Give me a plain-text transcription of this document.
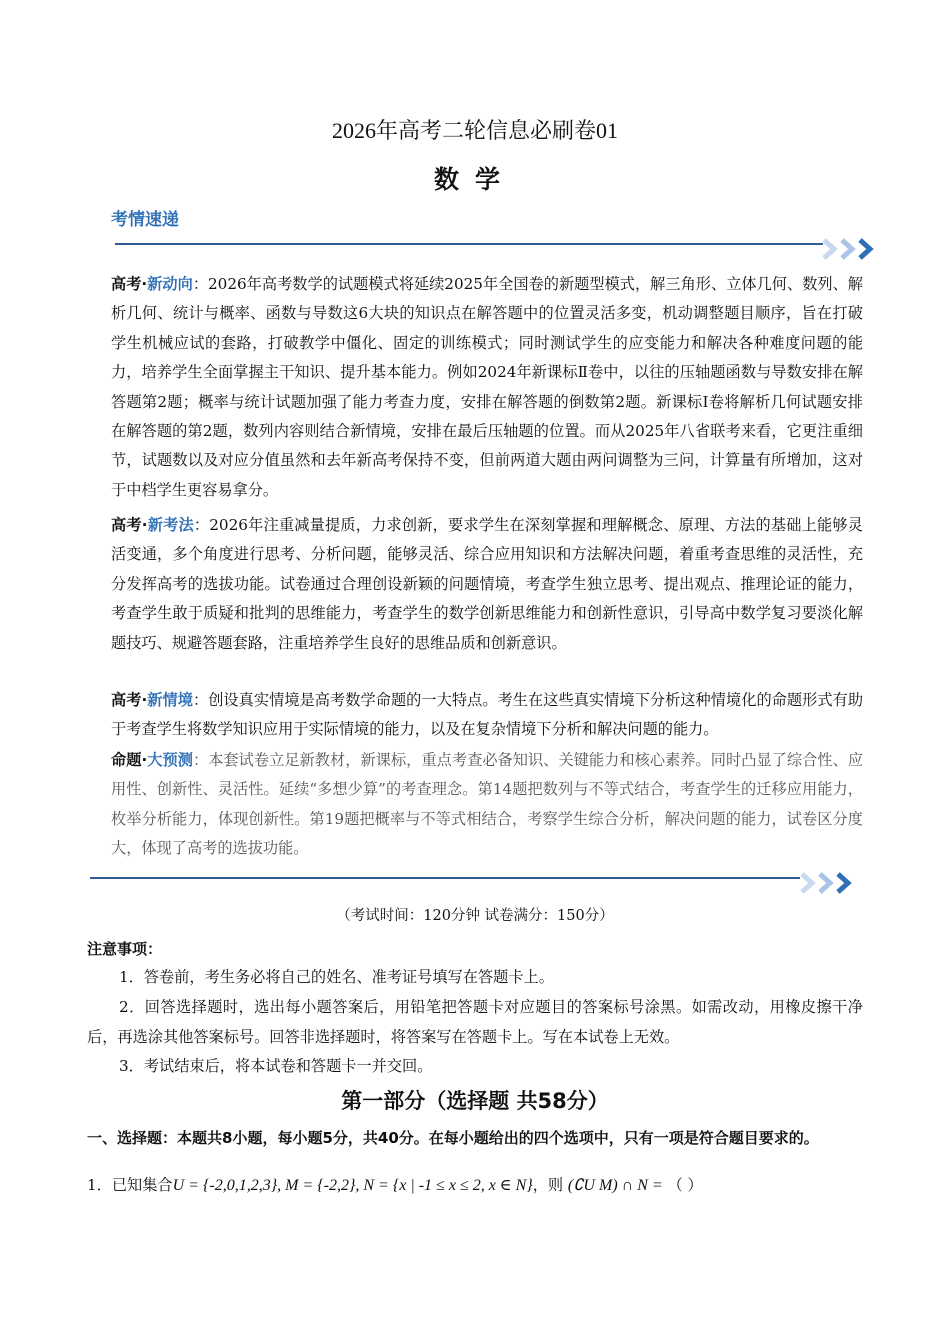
2026年高考二轮信息必刷卷01
数学
考情速递
高考·新动向：2026年高考数学的试题模式将延续2025年全国卷的新题型模式，解三角形、立体几何、数列、解析几何、统计与概率、函数与导数这6大块的知识点在解答题中的位置灵活多变，机动调整题目顺序，旨在打破学生机械应试的套路，打破教学中僵化、固定的训练模式；同时测试学生的应变能力和解决各种难度问题的能力，培养学生全面掌握主干知识、提升基本能力。例如2024年新课标Ⅱ卷中，以往的压轴题函数与导数安排在解答题第2题；概率与统计试题加强了能力考查力度，安排在解答题的倒数第2题。新课标Ⅰ卷将解析几何试题安排在解答题的第2题，数列内容则结合新情境，安排在最后压轴题的位置。而从2025年八省联考来看，它更注重细节，试题数以及对应分值虽然和去年新高考保持不变，但前两道大题由两问调整为三问，计算量有所增加，这对于中档学生更容易拿分。
高考·新考法：2026年注重减量提质，力求创新，要求学生在深刻掌握和理解概念、原理、方法的基础上能够灵活变通，多个角度进行思考、分析问题，能够灵活、综合应用知识和方法解决问题，着重考查思维的灵活性，充分发挥高考的选拔功能。试卷通过合理创设新颖的问题情境，考查学生独立思考、提出观点、推理论证的能力，考查学生敢于质疑和批判的思维能力，考查学生的数学创新思维能力和创新性意识，引导高中数学复习要淡化解题技巧、规避答题套路，注重培养学生良好的思维品质和创新意识。
高考·新情境：创设真实情境是高考数学命题的一大特点。考生在这些真实情境下分析这种情境化的命题形式有助于考查学生将数学知识应用于实际情境的能力，以及在复杂情境下分析和解决问题的能力。
命题·大预测：本套试卷立足新教材，新课标，重点考查必备知识、关键能力和核心素养。同时凸显了综合性、应用性、创新性、灵活性。延续“多想少算”的考查理念。第14题把数列与不等式结合，考查学生的迁移应用能力，枚举分析能力，体现创新性。第19题把概率与不等式相结合，考察学生综合分析，解决问题的能力，试卷区分度大，体现了高考的选拔功能。
（考试时间：120分钟 试卷满分：150分）
注意事项：
1．答卷前，考生务必将自己的姓名、准考证号填写在答题卡上。
2．回答选择题时，选出每小题答案后，用铅笔把答题卡对应题目的答案标号涂黑。如需改动，用橡皮擦干净后，再选涂其他答案标号。回答非选择题时，将答案写在答题卡上。写在本试卷上无效。
3．考试结束后，将本试卷和答题卡一并交回。
第一部分（选择题 共58分）
一、选择题：本题共8小题，每小题5分，共40分。在每小题给出的四个选项中，只有一项是符合题目要求的。
1．已知集合U = {-2,0,1,2,3}, M = {-2,2}, N = {x | -1 ≤ x ≤ 2, x ∈ N}，则 (∁U M) ∩ N = （ ）
